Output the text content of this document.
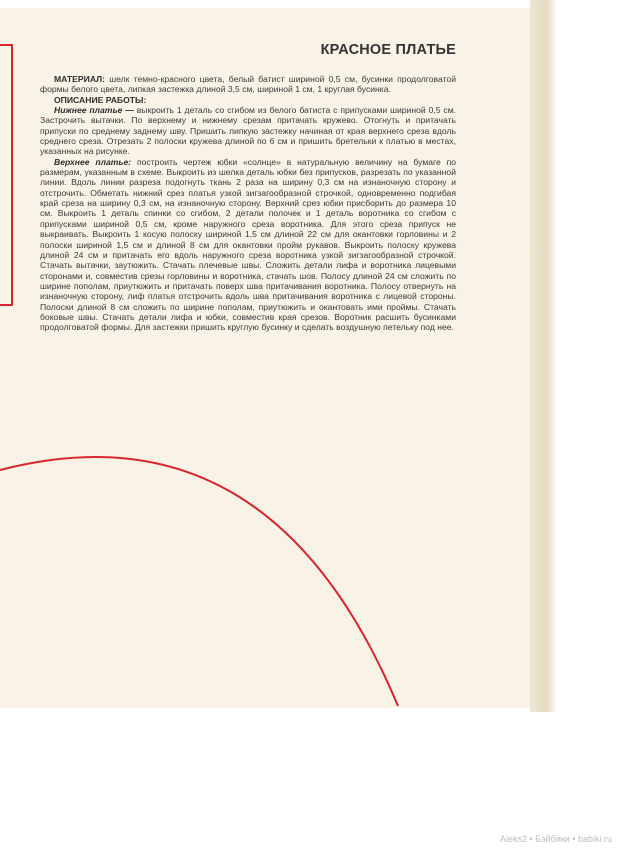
КРАСНОЕ ПЛАТЬЕ

МАТЕРИАЛ: шелк темно-красного цвета, белый батист шириной 0,5 см, бусинки продолговатой формы белого цвета, липкая застежка длиной 3,5 см, шириной 1 см, 1 круглая бусинка.

ОПИСАНИЕ РАБОТЫ:

Нижнее платье — выкроить 1 деталь со сгибом из белого батиста с припусками шириной 0,5 см. Застрочить вытачки. По верхнему и нижнему срезам притачать кружево. Отогнуть и притачать припуски по среднему заднему шву. Пришить липкую застежку начиная от края верхнего среза вдоль среднего среза. Отрезать 2 полоски кружева длиной по 6 см и пришить бретельки к платью в местах, указанных на рисунке.

Верхнее платье: построить чертеж юбки «солнце» в натуральную величину на бумаге по размерам, указанным в схеме. Выкроить из шелка деталь юбки без припусков, разрезать по указанной линии. Вдоль линии разреза подогнуть ткань 2 раза на ширину 0,3 см на изнаночную сторону и отстрочить. Обметать нижний срез платья узкой зигзагообразной строчкой, одновременно подгибая край среза на ширину 0,3 см, на изнаночную сторону. Верхний срез юбки присборить до размера 10 см. Выкроить 1 деталь спинки со сгибом, 2 детали полочек и 1 деталь воротника со сгибом с припусками шириной 0,5 см, кроме наружного среза воротника. Для этого среза припуск не выкраивать. Выкроить 1 косую полоску шириной 1,5 см длиной 22 см для окантовки горловины и 2 полоски шириной 1,5 см и длиной 8 см для окантовки пройм рукавов. Выкроить полоску кружева длиной 24 см и притачать его вдоль наружного среза воротника узкой зигзагообразной строчкой. Стачать вытачки, заутюжить. Стачать плечевые швы. Сложить детали лифа и воротника лицевыми сторонами и, совместив срезы горловины и воротника, стачать шов. Полосу длиной 24 см сложить по ширине пополам, приутюжить и притачать поверх шва притачивания воротника. Полосу отвернуть на изнаночную сторону, лиф платья отстрочить вдоль шва притачивания воротника с лицевой стороны. Полоски длиной 8 см сложить по ширине пополам, приутюжить и окантовать ими проймы. Стачать боковые швы. Стачать детали лифа и юбки, совместив края срезов. Воротник расшить бусинками продолговатой формы. Для застежки пришить круглую бусинку и сделать воздушную петельку под нее.

Aleks2 • Бэйбики • babiki.ru
